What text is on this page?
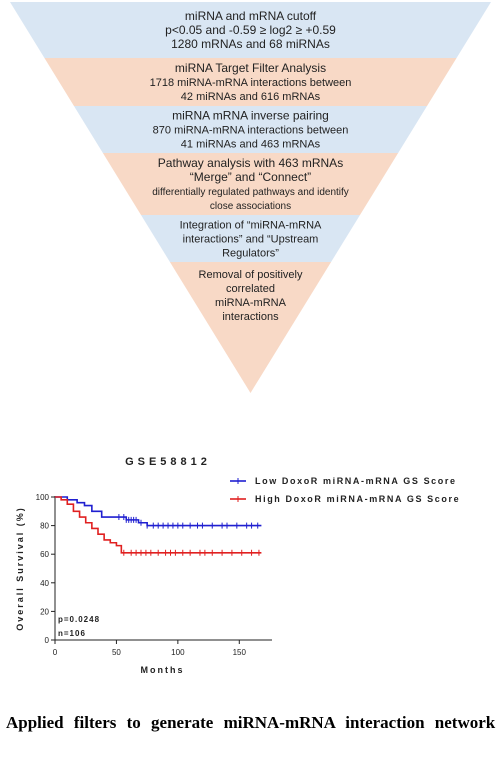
miRNA and mRNA cutoff
p<0.05 and -0.59 ≥ log2 ≥ +0.59
1280 mRNAs and 68 miRNAs
miRNA Target Filter Analysis
1718 miRNA-mRNA interactions between
42 miRNAs and 616 mRNAs
miRNA mRNA inverse pairing
870 miRNA-mRNA interactions between
41 miRNAs and 463 mRNAs
Pathway analysis with 463 mRNAs
“Merge” and “Connect”
differentially regulated pathways and identify
close associations
Integration of “miRNA-mRNA
interactions” and “Upstream
Regulators”
Removal of positively
correlated
miRNA-mRNA
interactions
GSE58812
0
20
40
60
80
100
0	50	100	150
Months
Overall Survival (%)
Low DoxoR miRNA-mRNA GS Score
High DoxoR miRNA-mRNA GS Score
p=0.0248
n=106
Applied filters to generate miRNA-mRNA interaction network
